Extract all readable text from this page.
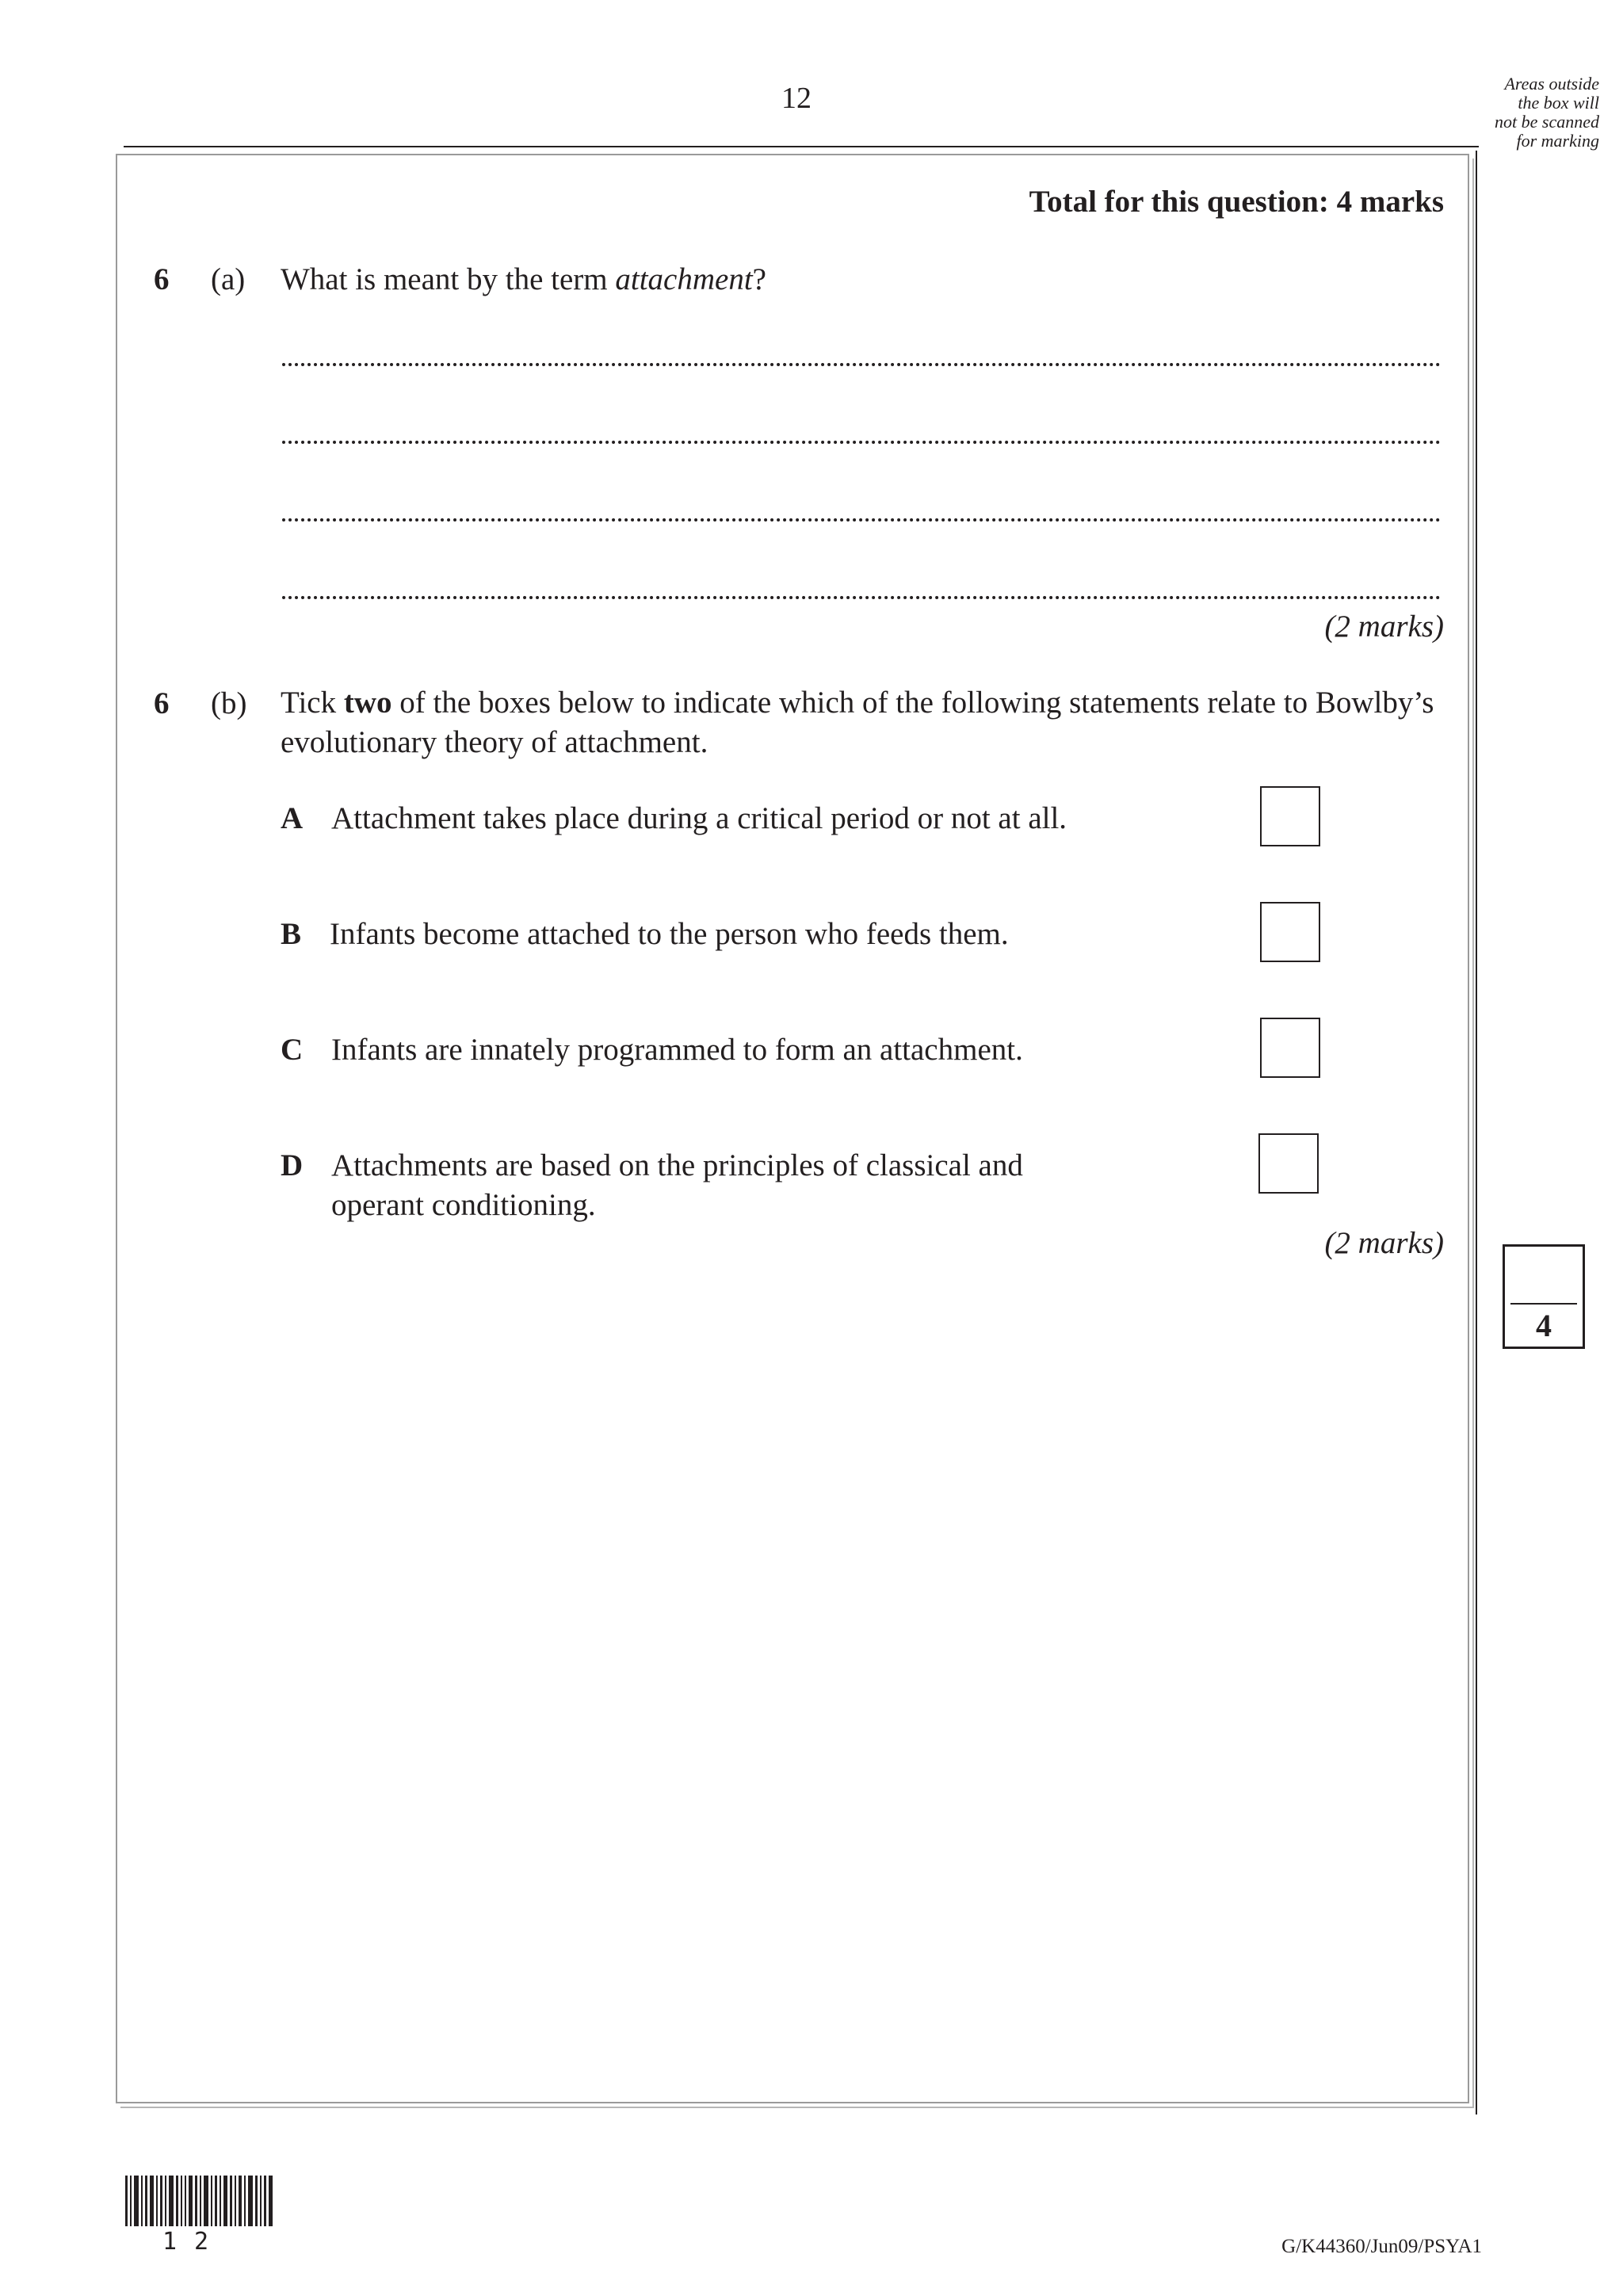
12	Areas outside
the box will
not be scanned
for marking
Total for this question: 4 marks
6 (a) What is meant by the term attachment?
(2 marks)
6 (b) Tick two of the boxes below to indicate which of the following statements relate to Bowlby’s evolutionary theory of attachment.
A Attachment takes place during a critical period or not at all.
B Infants become attached to the person who feeds them.
C Infants are innately programmed to form an attachment.
D Attachments are based on the principles of classical and operant conditioning.
(2 marks)
4
12	G/K44360/Jun09/PSYA1
